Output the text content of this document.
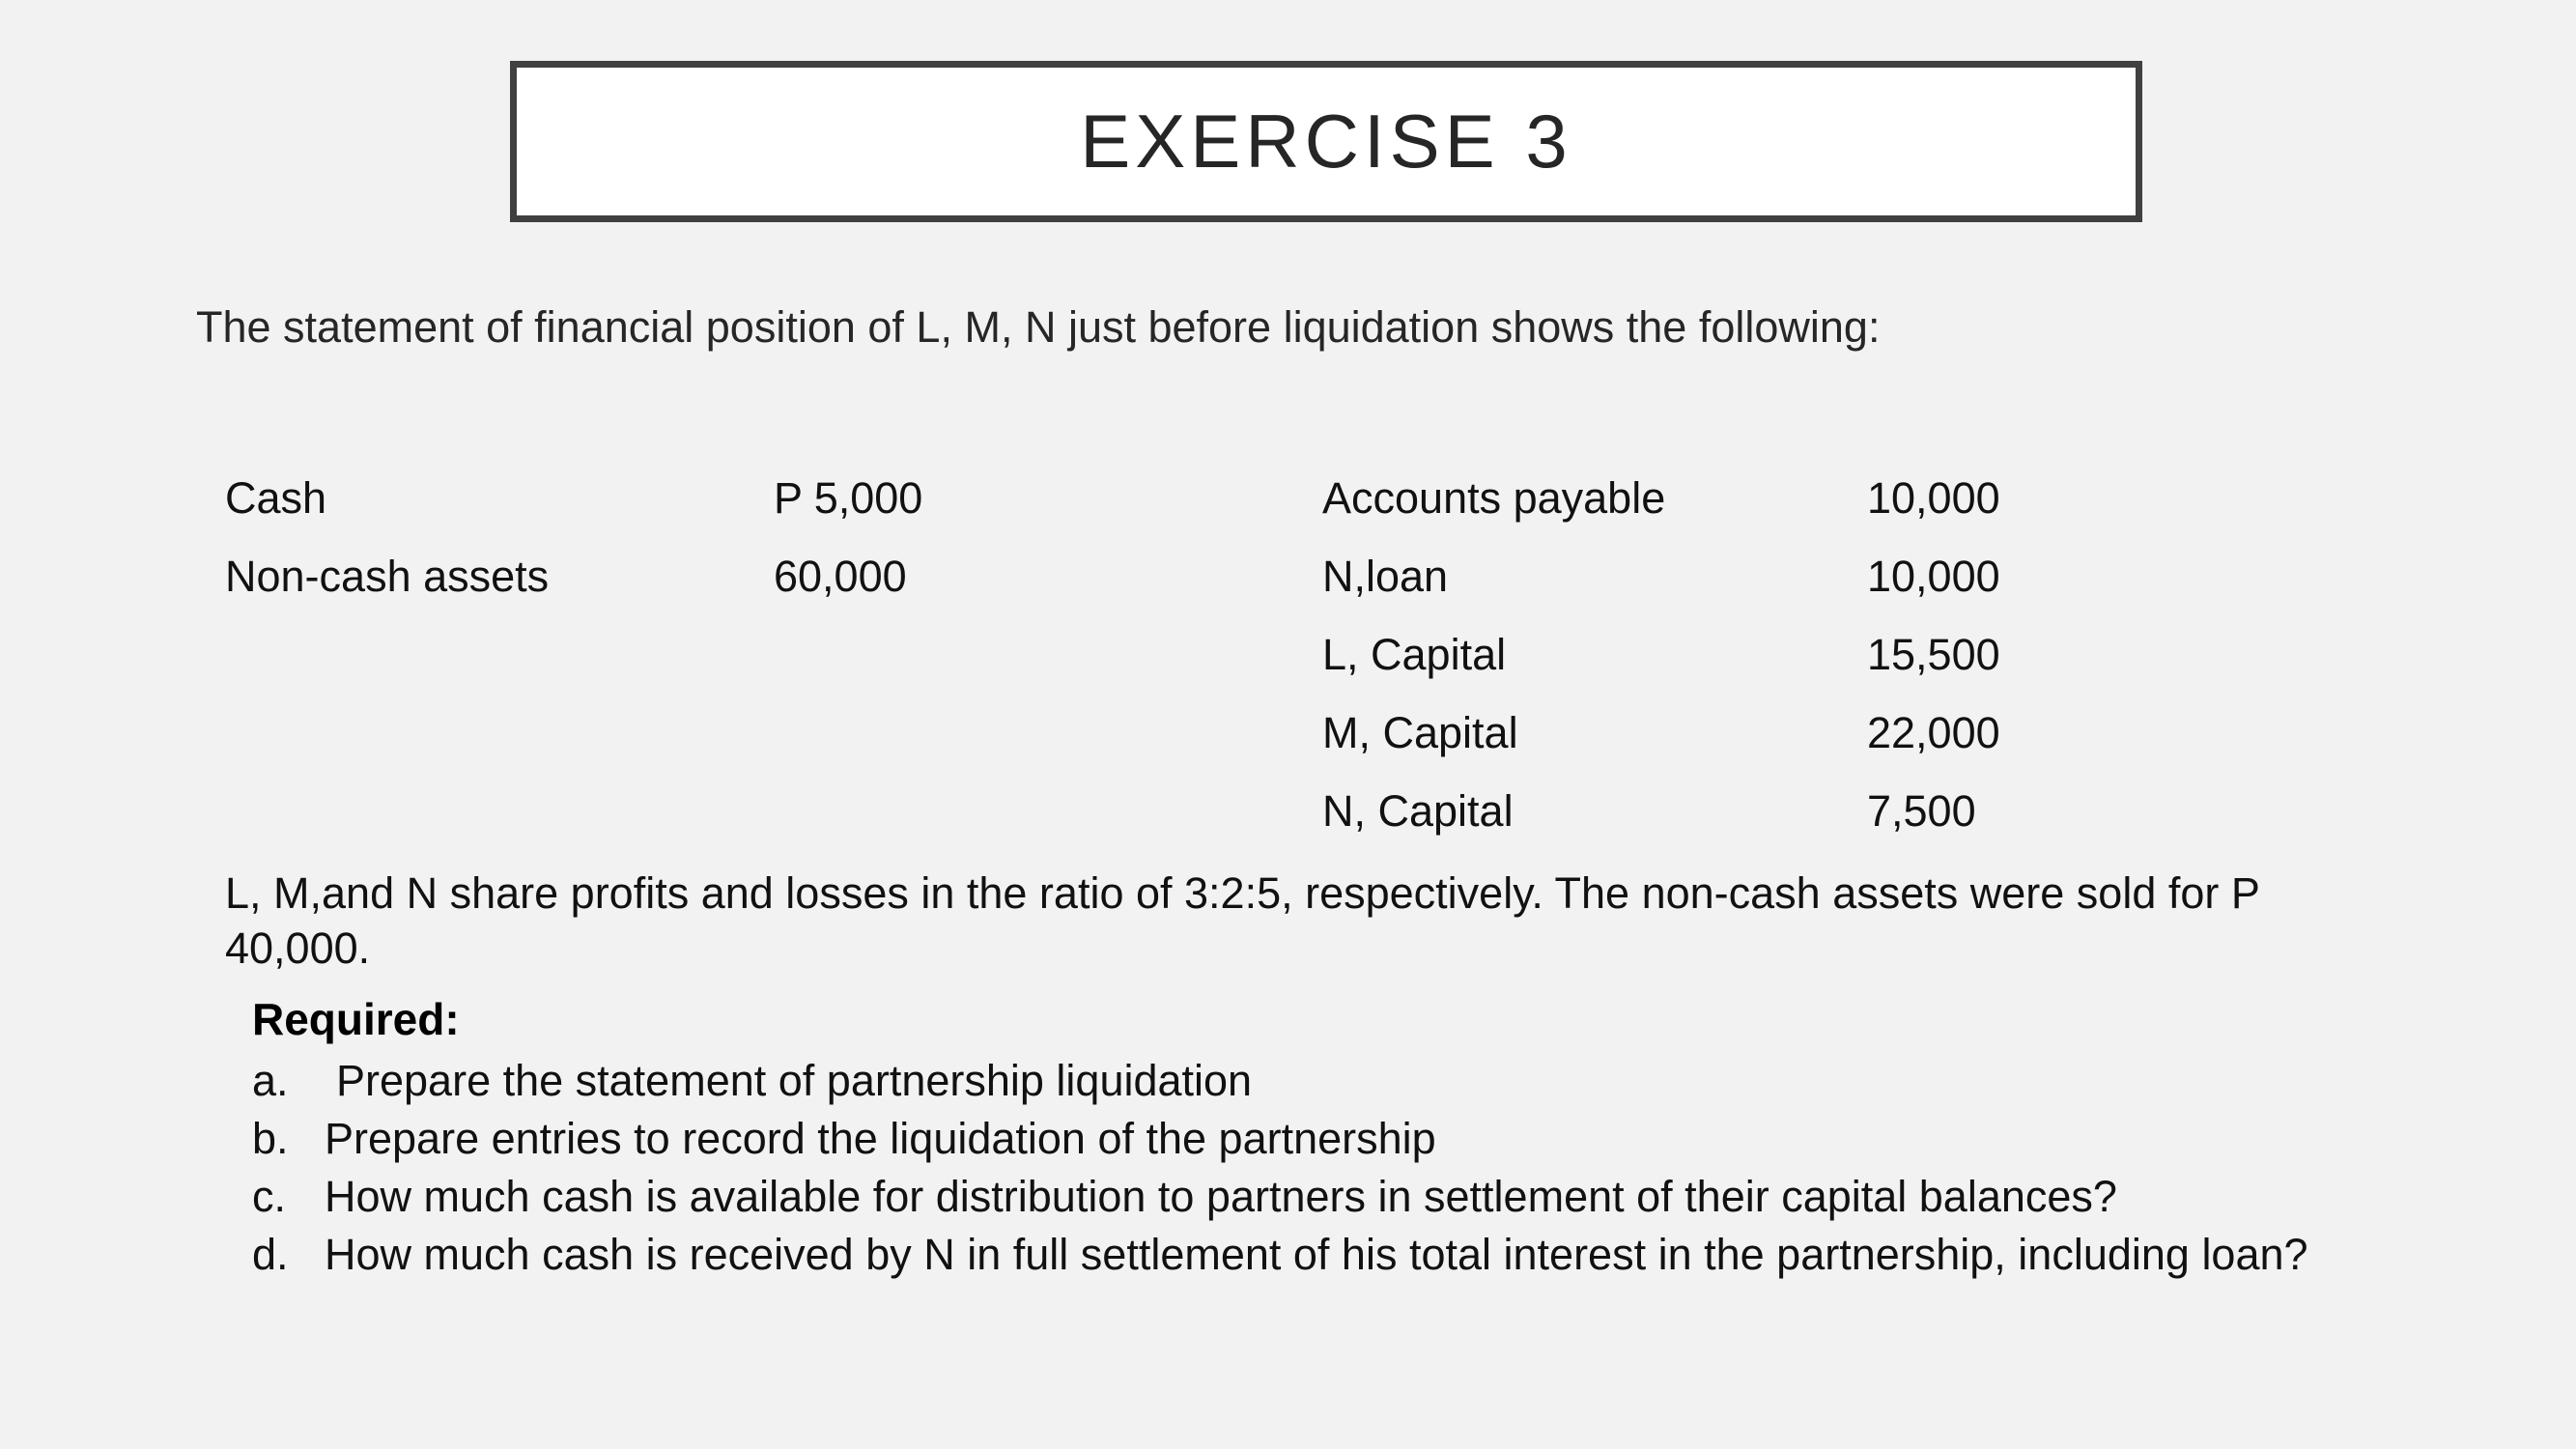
EXERCISE 3
The statement of financial position of L, M, N just before liquidation shows the following:
Cash	P 5,000
Non-cash assets	60,000
Accounts payable	10,000
N,loan	10,000
L, Capital	15,500
M, Capital	22,000
N, Capital	7,500
L, M,and N share profits and losses in the ratio of 3:2:5, respectively. The non-cash assets were sold for P 40,000.
Required:
a. Prepare the statement of partnership liquidation
b. Prepare entries to record the liquidation of the partnership
c. How much cash is available for distribution to partners in settlement of their capital balances?
d. How much cash is received by N in full settlement of his total interest in the partnership, including loan?
